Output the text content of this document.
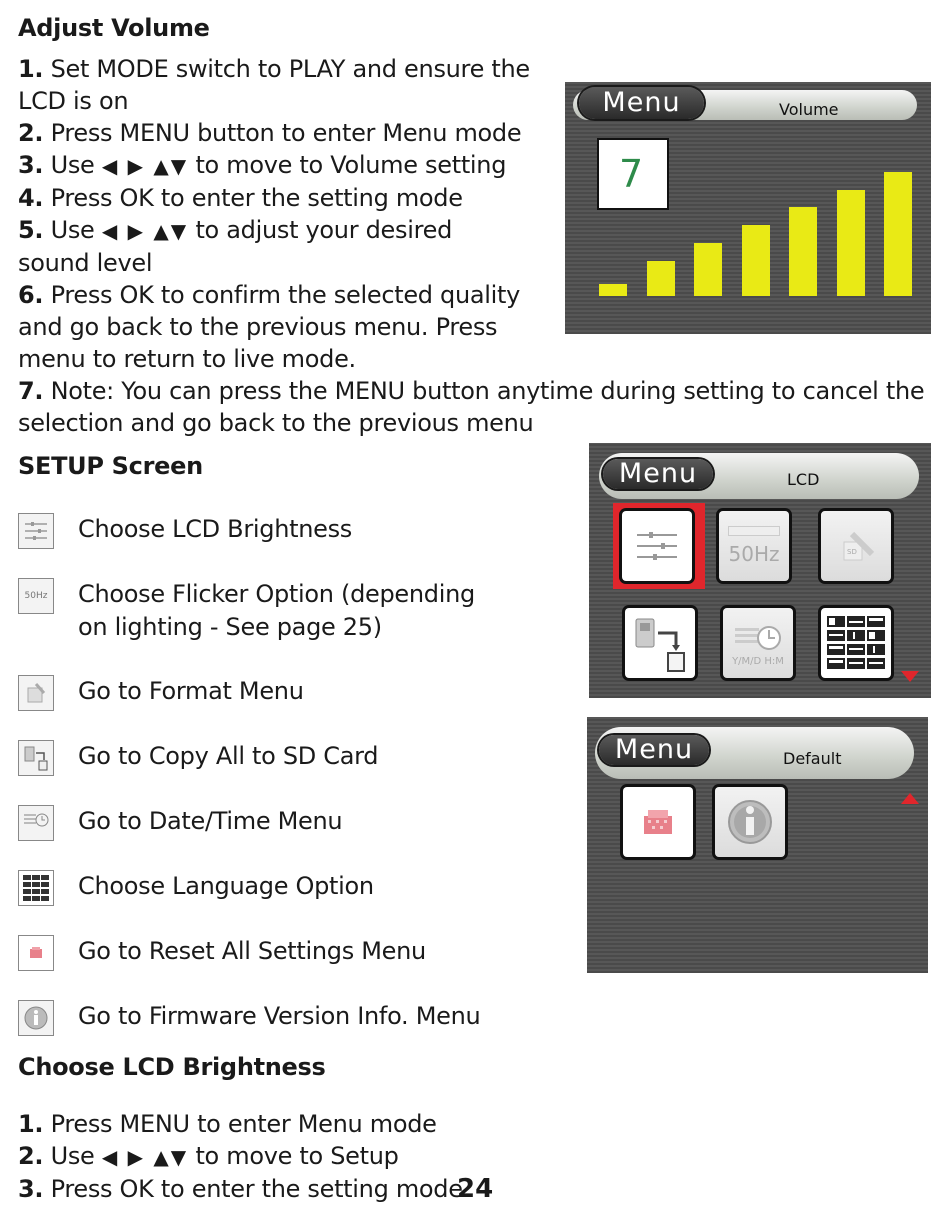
Adjust Volume
1. Set MODE switch to PLAY and ensure the
LCD is on
2. Press MENU button to enter Menu mode
3. Use ◀ ▶ ▲▼ to move to Volume setting
4. Press OK to enter the setting mode
5. Use ◀ ▶ ▲▼ to adjust your desired
sound level
6. Press OK to confirm the selected quality
and go back to the previous menu. Press
menu to return to live mode.
7. Note: You can press the MENU button anytime during setting to cancel the
selection and go back to the previous menu
Volume
Menu
7
SETUP Screen
Choose LCD Brightness
50Hz Choose Flicker Option (depending
on lighting - See page 25)
Go to Format Menu
Go to Copy All to SD Card
Go to Date/Time Menu
Choose Language Option
Go to Reset All Settings Menu
Go to Firmware Version Info. Menu
LCD
Menu
50Hz	SD
Y/M/D H:M
Default
Menu
Choose LCD Brightness
1. Press MENU to enter Menu mode
2. Use ◀ ▶ ▲▼ to move to Setup
3. Press OK to enter the setting mode
24
